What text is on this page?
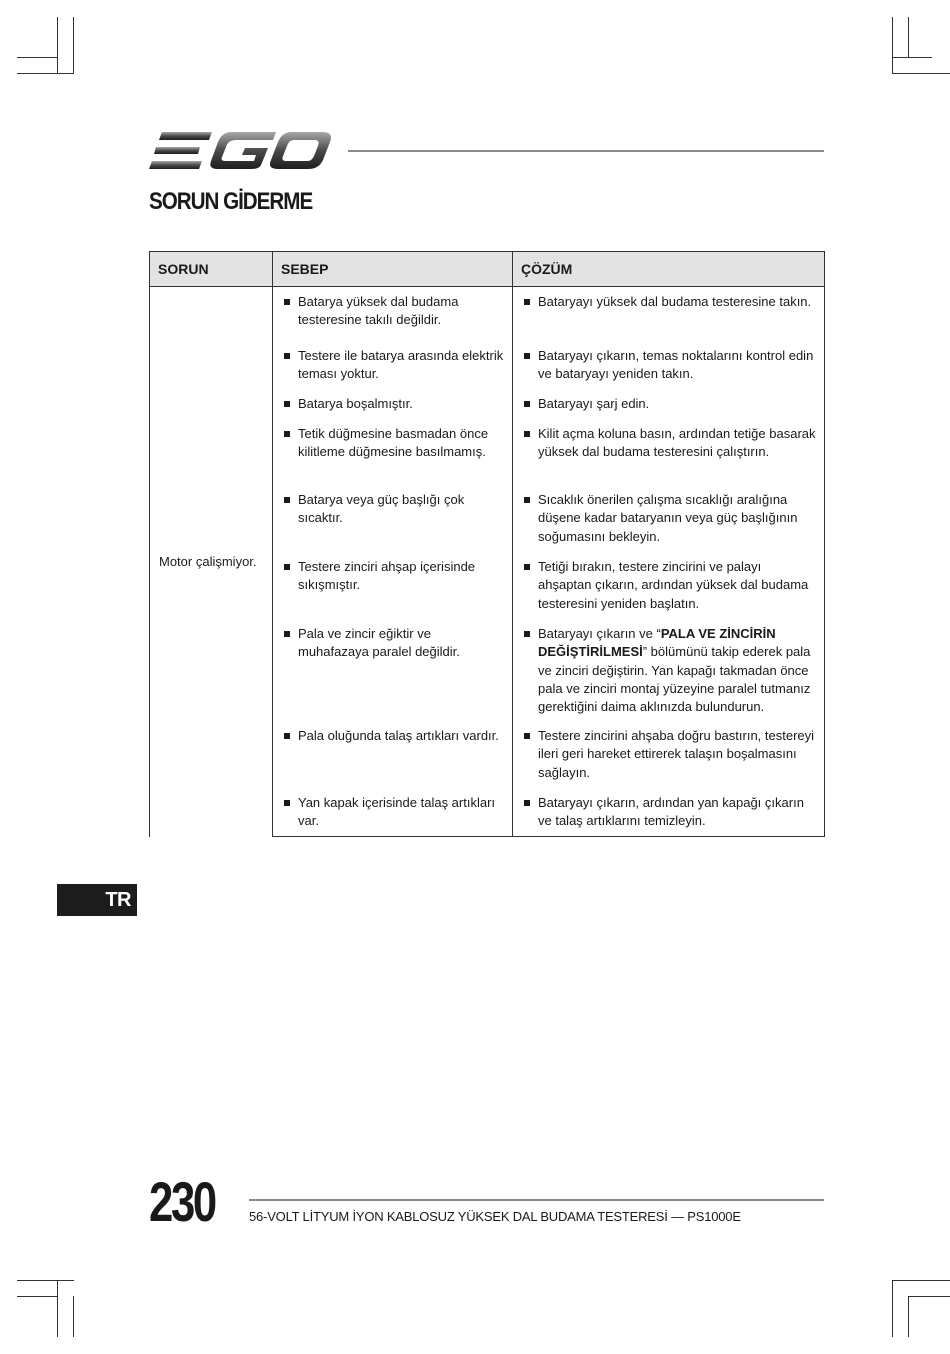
SORUN GİDERME
SORUN	SEBEP	ÇÖZÜM
Motor çalişmiyor.	Batarya yüksek dal budama testeresine takılı değildir.	Bataryayı yüksek dal budama testeresine takın.

	Testere ile batarya arasında elektrik teması yoktur.	Bataryayı çıkarın, temas noktalarını kontrol edin ve bataryayı yeniden takın.

	Batarya boşalmıştır.	Bataryayı şarj edin.

	Tetik düğmesine basmadan önce kilitleme düğmesine basılmamış.	Kilit açma koluna basın, ardından tetiğe basarak yüksek dal budama testeresini çalıştırın.

	Batarya veya güç başlığı çok sıcaktır.	Sıcaklık önerilen çalışma sıcaklığı aralığına düşene kadar bataryanın veya güç başlığının soğumasını bekleyin.

	Testere zinciri ahşap içerisinde sıkışmıştır.	Tetiği bırakın, testere zincirini ve palayı ahşaptan çıkarın, ardından yüksek dal budama testeresini yeniden başlatın.

	Pala ve zincir eğiktir ve muhafazaya paralel değildir.	Bataryayı çıkarın ve “PALA VE ZİNCİRİN DEĞİŞTİRİLMESİ” bölümünü takip ederek pala ve zinciri değiştirin. Yan kapağı takmadan önce pala ve zinciri montaj yüzeyine paralel tutmanız gerektiğini daima aklınızda bulundurun.

	Pala oluğunda talaş artıkları vardır.	Testere zincirini ahşaba doğru bastırın, testereyi ileri geri hareket ettirerek talaşın boşalmasını sağlayın.

	Yan kapak içerisinde talaş artıkları var.	Bataryayı çıkarın, ardından yan kapağı çıkarın ve talaş artıklarını temizleyin.
TR
230	56-VOLT LİTYUM İYON KABLOSUZ YÜKSEK DAL BUDAMA TESTERESİ — PS1000E
